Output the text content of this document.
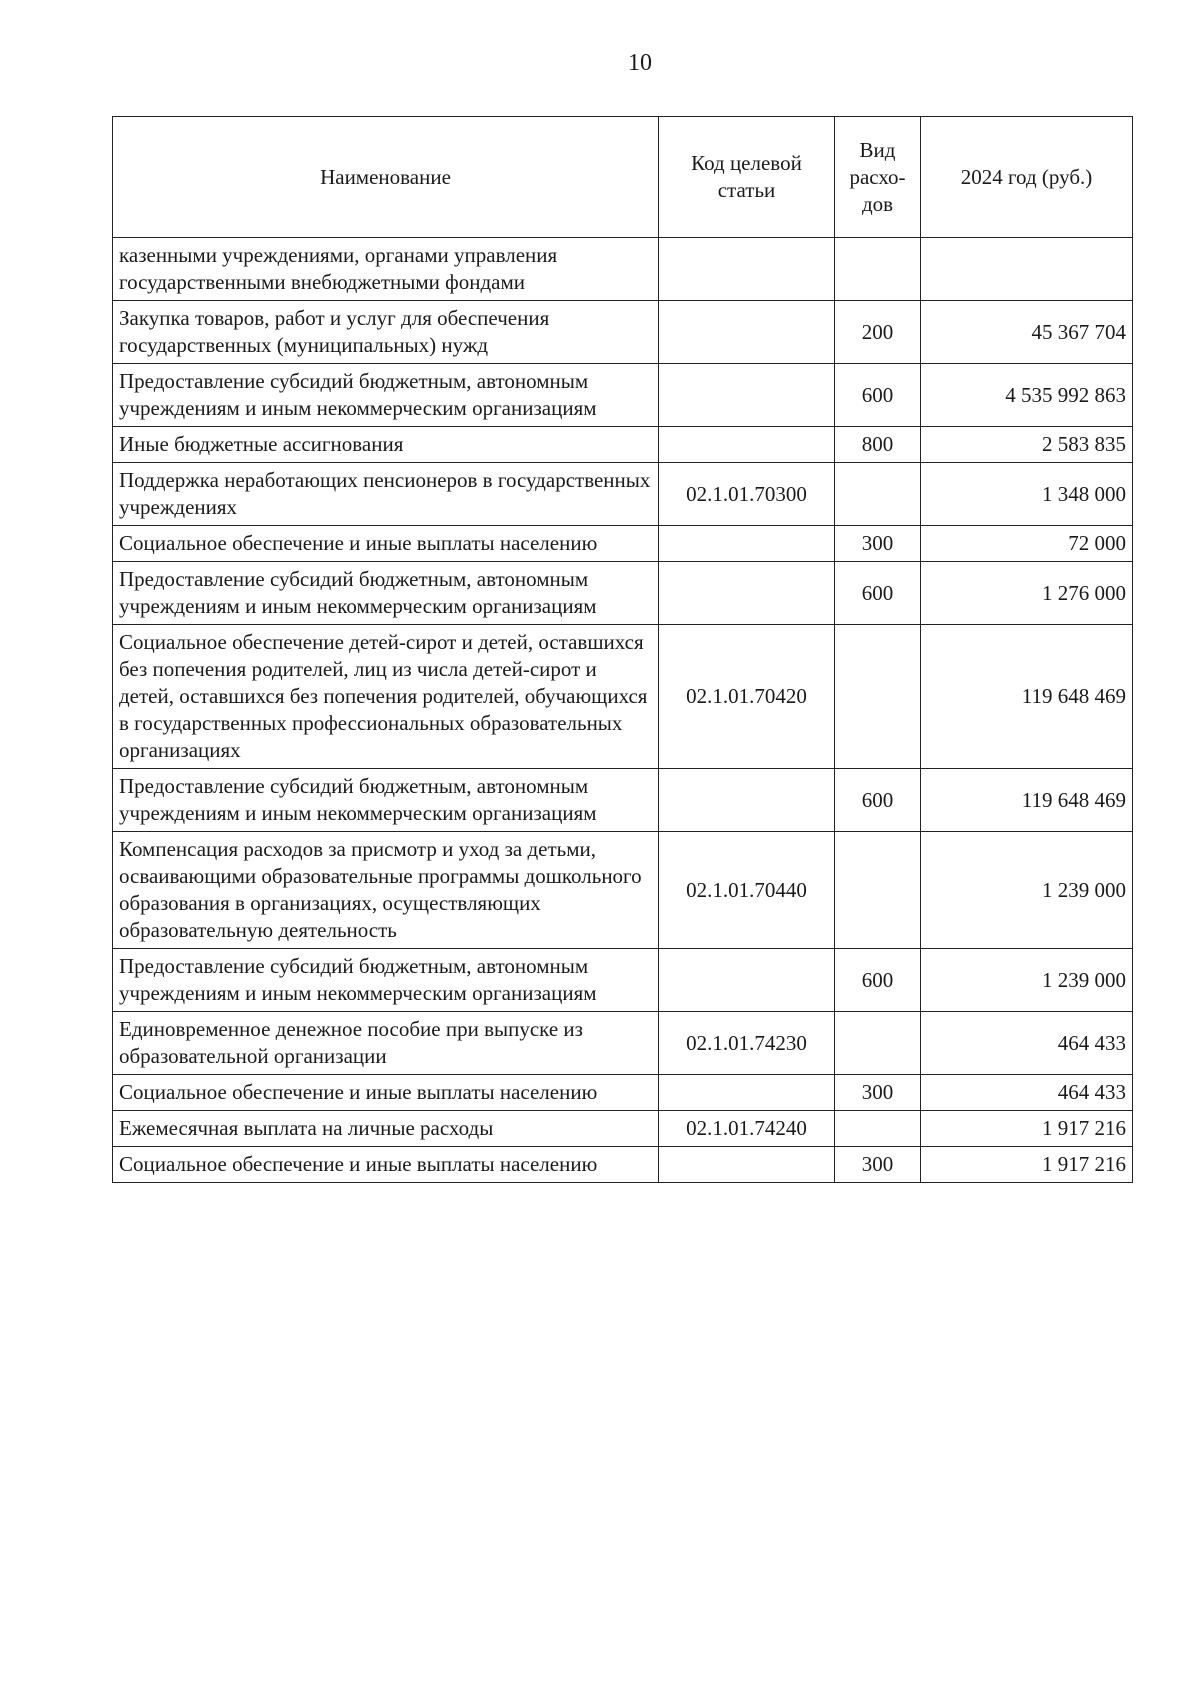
10
Наименование	Код целевой статьи	Вид расхо-дов	2024 год (руб.)
казенными учреждениями, органами управления государственными внебюджетными фондами			
Закупка товаров, работ и услуг для обеспечения государственных (муниципальных) нужд		200	45 367 704
Предоставление субсидий бюджетным, автономным учреждениям и иным некоммерческим организациям		600	4 535 992 863
Иные бюджетные ассигнования		800	2 583 835
Поддержка неработающих пенсионеров в государственных учреждениях	02.1.01.70300		1 348 000
Социальное обеспечение и иные выплаты населению		300	72 000
Предоставление субсидий бюджетным, автономным учреждениям и иным некоммерческим организациям		600	1 276 000
Социальное обеспечение детей-сирот и детей, оставшихся без попечения родителей, лиц из числа детей-сирот и детей, оставшихся без попечения родителей, обучающихся в государственных профессиональных образовательных организациях	02.1.01.70420		119 648 469
Предоставление субсидий бюджетным, автономным учреждениям и иным некоммерческим организациям		600	119 648 469
Компенсация расходов за присмотр и уход за детьми, осваивающими образовательные программы дошкольного образования в организациях, осуществляющих образовательную деятельность	02.1.01.70440		1 239 000
Предоставление субсидий бюджетным, автономным учреждениям и иным некоммерческим организациям		600	1 239 000
Единовременное денежное пособие при выпуске из образовательной организации	02.1.01.74230		464 433
Социальное обеспечение и иные выплаты населению		300	464 433
Ежемесячная выплата на личные расходы	02.1.01.74240		1 917 216
Социальное обеспечение и иные выплаты населению		300	1 917 216
